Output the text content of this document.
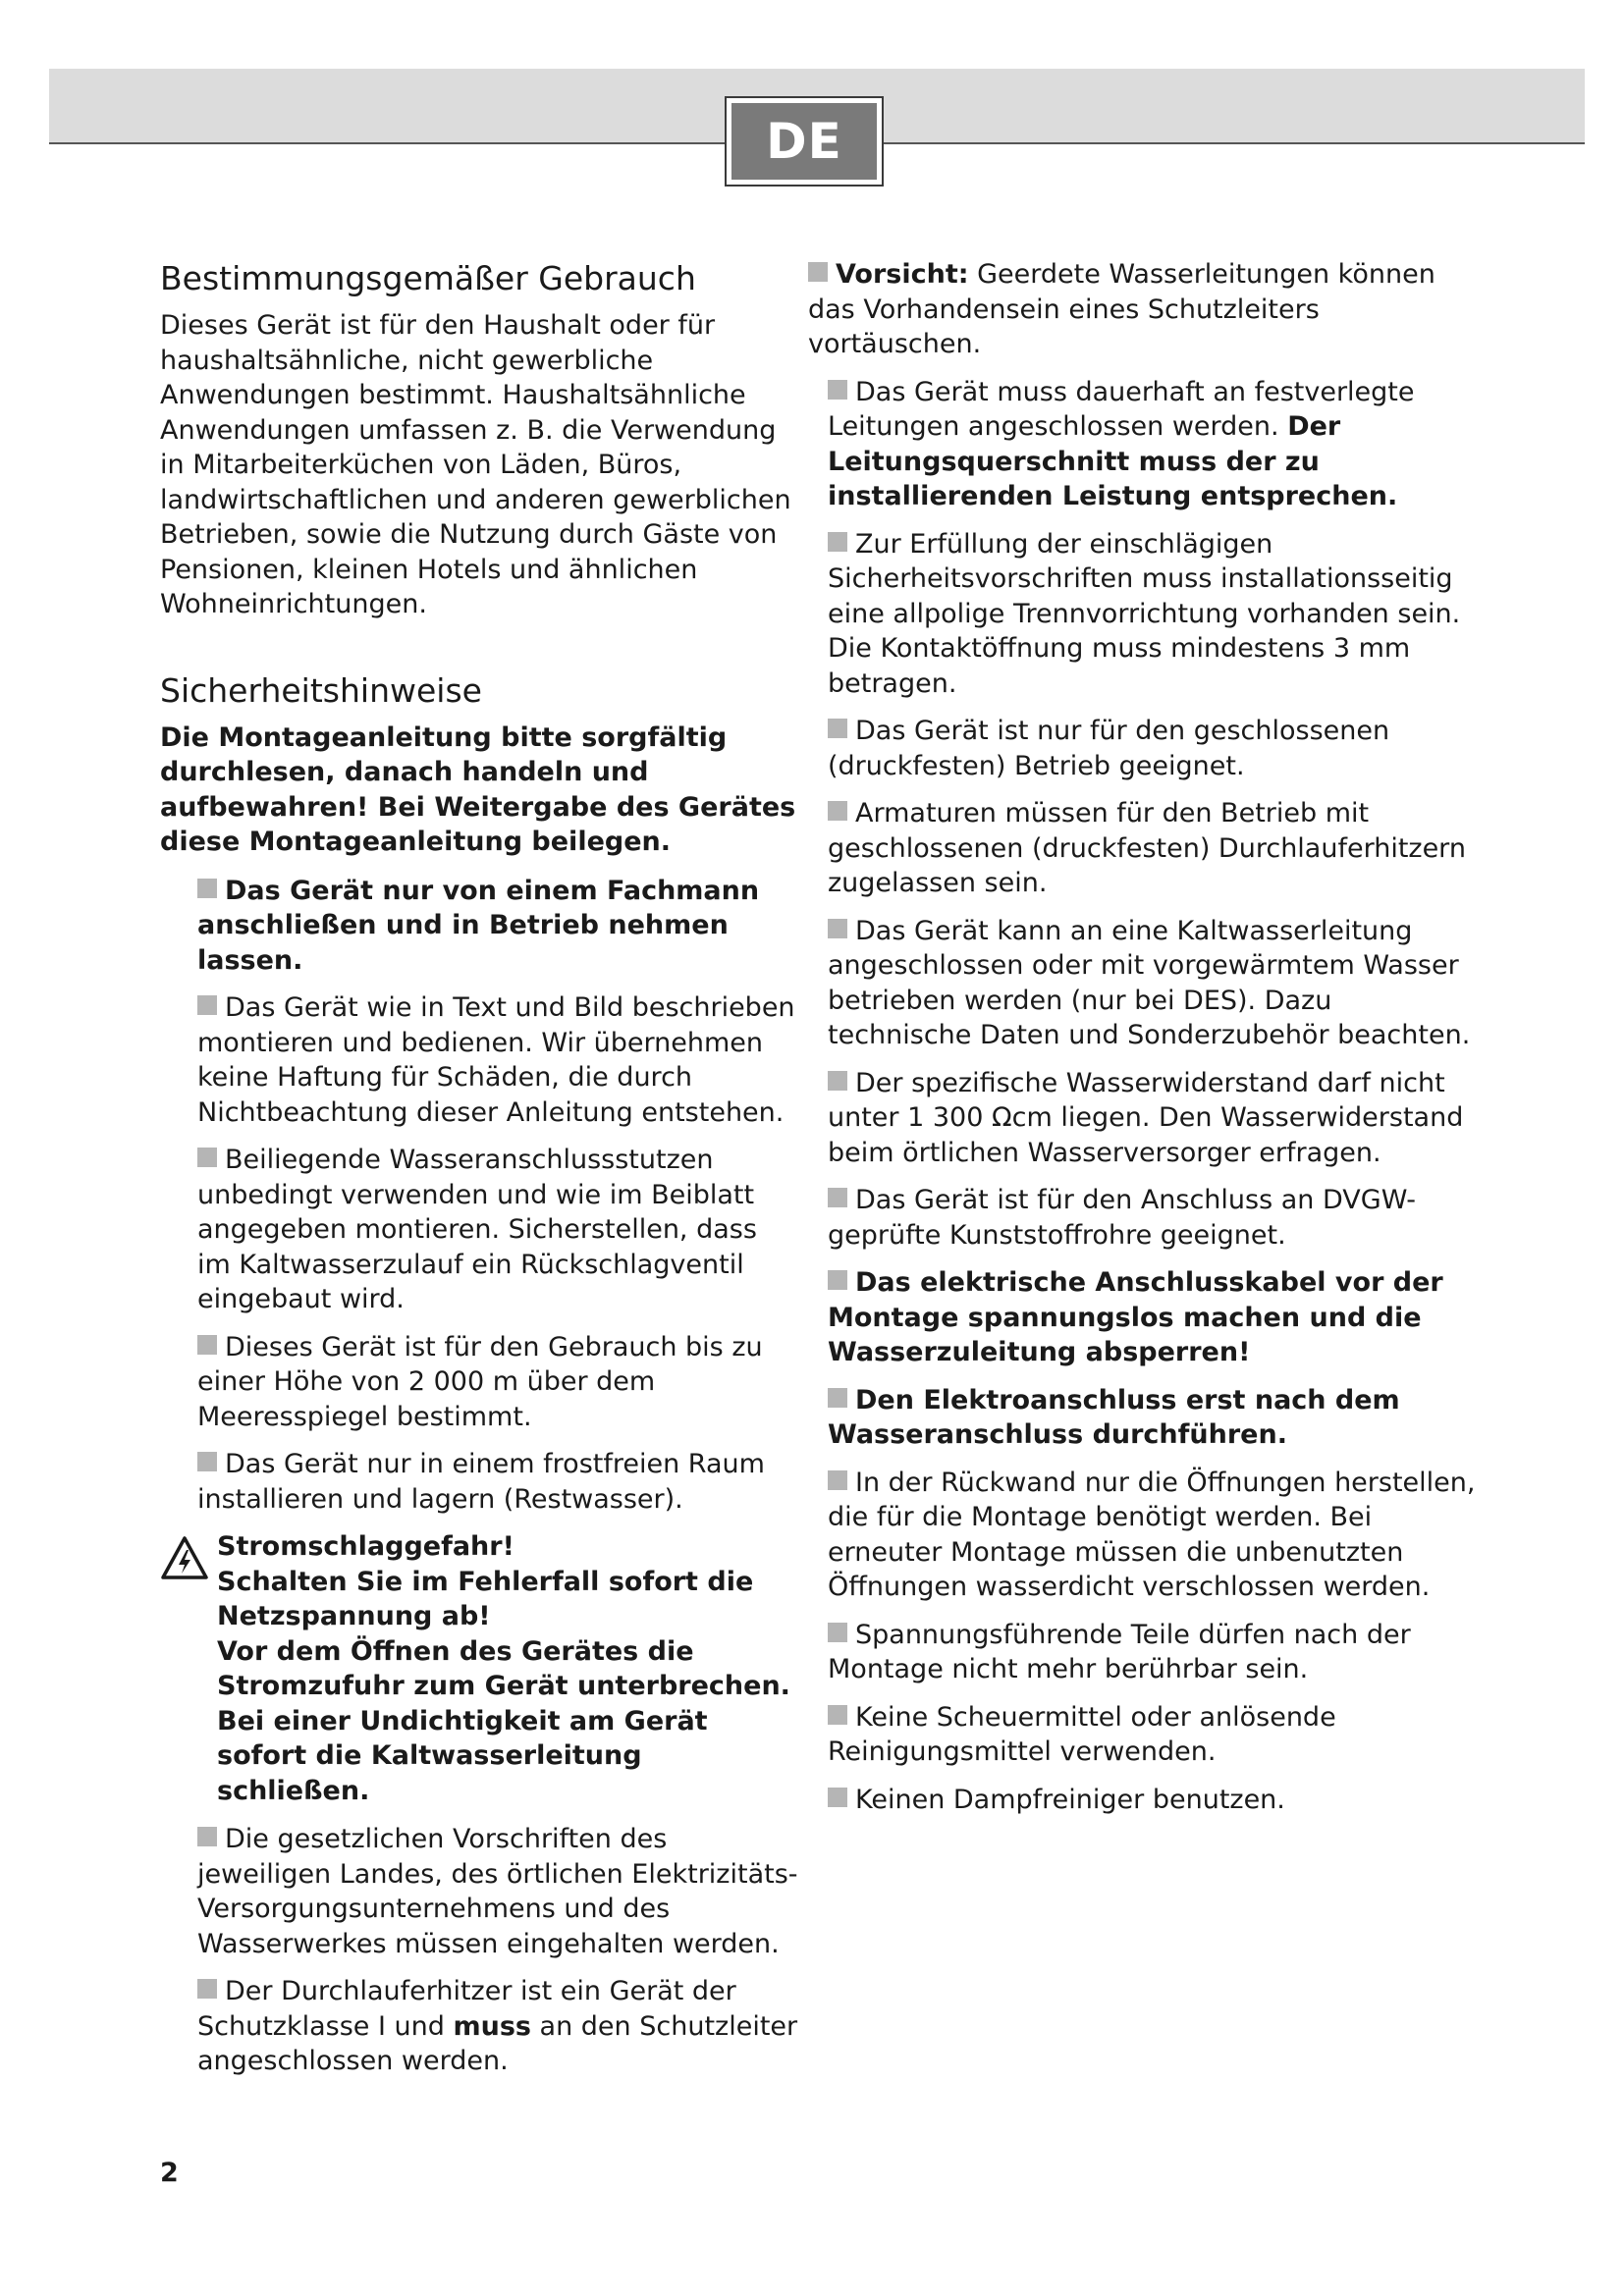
DE
Bestimmungsgemäßer Gebrauch

Dieses Gerät ist für den Haushalt oder für haushaltsähnliche, nicht gewerbliche Anwendungen bestimmt. Haushaltsähnliche Anwendungen umfassen z. B. die Verwendung in Mitarbeiterküchen von Läden, Büros, landwirtschaftlichen und anderen gewerblichen Betrieben, sowie die Nutzung durch Gäste von Pensionen, kleinen Hotels und ähnlichen Wohneinrichtungen.

Sicherheitshinweise

Die Montageanleitung bitte sorgfältig durchlesen, danach handeln und aufbewahren! Bei Weitergabe des Gerätes diese Montageanleitung beilegen.

Das Gerät nur von einem Fachmann anschließen und in Betrieb nehmen lassen.
Das Gerät wie in Text und Bild beschrieben montieren und bedienen. Wir übernehmen keine Haftung für Schäden, die durch Nichtbeachtung dieser Anleitung entstehen.
Beiliegende Wasseranschlussstutzen unbedingt verwenden und wie im Beiblatt angegeben montieren. Sicherstellen, dass im Kaltwasserzulauf ein Rückschlagventil eingebaut wird.
Dieses Gerät ist für den Gebrauch bis zu einer Höhe von 2 000 m über dem Meeresspiegel bestimmt.
Das Gerät nur in einem frostfreien Raum installieren und lagern (Restwasser).
Stromschlaggefahr!
Schalten Sie im Fehlerfall sofort die Netzspannung ab!
Vor dem Öffnen des Gerätes die Stromzufuhr zum Gerät unterbrechen.
Bei einer Undichtigkeit am Gerät sofort die Kaltwasserleitung schließen.
Die gesetzlichen Vorschriften des jeweiligen Landes, des örtlichen Elektrizitäts-Versorgungsunternehmens und des Wasserwerkes müssen eingehalten werden.
Der Durchlauferhitzer ist ein Gerät der Schutzklasse I und muss an den Schutzleiter angeschlossen werden.
Vorsicht: Geerdete Wasserleitungen können das Vorhandensein eines Schutzleiters vortäuschen.
Das Gerät muss dauerhaft an festverlegte Leitungen angeschlossen werden. Der Leitungsquerschnitt muss der zu installierenden Leistung entsprechen.
Zur Erfüllung der einschlägigen Sicherheitsvorschriften muss installationsseitig eine allpolige Trennvorrichtung vorhanden sein. Die Kontaktöffnung muss mindestens 3 mm betragen.
Das Gerät ist nur für den geschlossenen (druckfesten) Betrieb geeignet.
Armaturen müssen für den Betrieb mit geschlossenen (druckfesten) Durchlauferhitzern zugelassen sein.
Das Gerät kann an eine Kaltwasserleitung angeschlossen oder mit vorgewärmtem Wasser betrieben werden (nur bei DES). Dazu technische Daten und Sonderzubehör beachten.
Der spezifische Wasserwiderstand darf nicht unter 1 300 Ωcm liegen. Den Wasserwiderstand beim örtlichen Wasserversorger erfragen.
Das Gerät ist für den Anschluss an DVGW-geprüfte Kunststoffrohre geeignet.
Das elektrische Anschlusskabel vor der Montage spannungslos machen und die Wasserzuleitung absperren!
Den Elektroanschluss erst nach dem Wasseranschluss durchführen.
In der Rückwand nur die Öffnungen herstellen, die für die Montage benötigt werden. Bei erneuter Montage müssen die unbenutzten Öffnungen wasserdicht verschlossen werden.
Spannungsführende Teile dürfen nach der Montage nicht mehr berührbar sein.
Keine Scheuermittel oder anlösende Reinigungsmittel verwenden.
Keinen Dampfreiniger benutzen.
2
